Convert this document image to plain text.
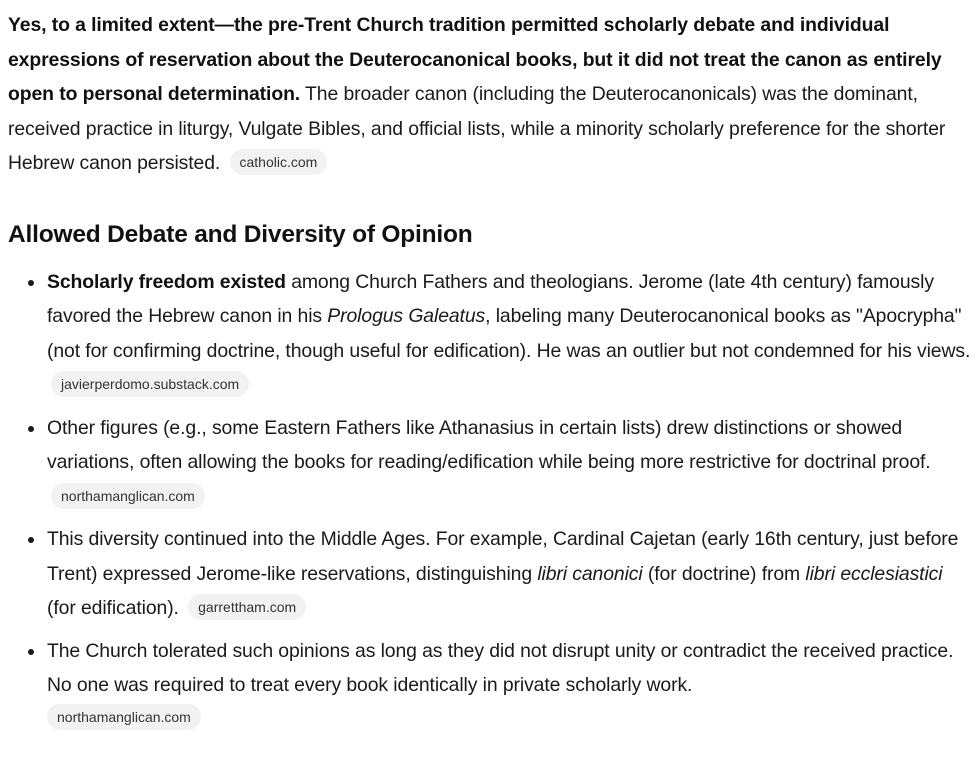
Yes, to a limited extent—the pre-Trent Church tradition permitted scholarly debate and individual expressions of reservation about the Deuterocanonical books, but it did not treat the canon as entirely open to personal determination. The broader canon (including the Deuterocanonicals) was the dominant, received practice in liturgy, Vulgate Bibles, and official lists, while a minority scholarly preference for the shorter Hebrew canon persisted. catholic.com

Allowed Debate and Diversity of Opinion
Scholarly freedom existed among Church Fathers and theologians. Jerome (late 4th century) famously favored the Hebrew canon in his Prologus Galeatus, labeling many Deuterocanonical books as "Apocrypha" (not for confirming doctrine, though useful for edification). He was an outlier but not condemned for his views. javierperdomo.substack.com
Other figures (e.g., some Eastern Fathers like Athanasius in certain lists) drew distinctions or showed variations, often allowing the books for reading/edification while being more restrictive for doctrinal proof. northamanglican.com
This diversity continued into the Middle Ages. For example, Cardinal Cajetan (early 16th century, just before Trent) expressed Jerome-like reservations, distinguishing libri canonici (for doctrine) from libri ecclesiastici (for edification). garrettham.com
The Church tolerated such opinions as long as they did not disrupt unity or contradict the received practice. No one was required to treat every book identically in private scholarly work.
northamanglican.com
